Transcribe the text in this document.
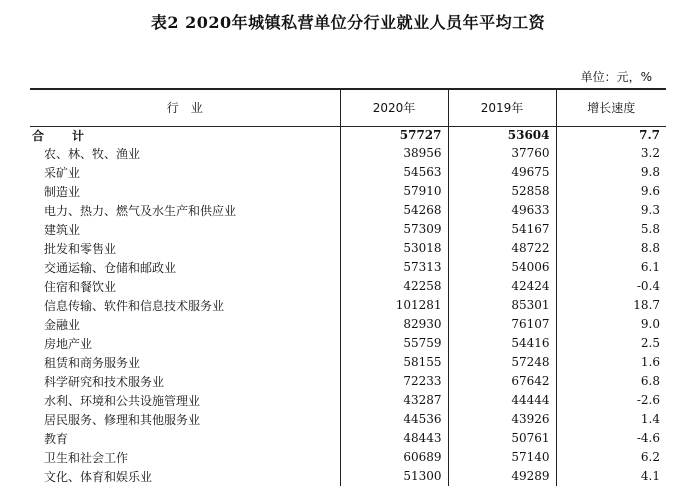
表2 2020年城镇私营单位分行业就业人员年平均工资
单位：元，%
行　业	2020年	2019年	增长速度
合　计	57727	53604	7.7
农、林、牧、渔业	38956	37760	3.2
采矿业	54563	49675	9.8
制造业	57910	52858	9.6
电力、热力、燃气及水生产和供应业	54268	49633	9.3
建筑业	57309	54167	5.8
批发和零售业	53018	48722	8.8
交通运输、仓储和邮政业	57313	54006	6.1
住宿和餐饮业	42258	42424	-0.4
信息传输、软件和信息技术服务业	101281	85301	18.7
金融业	82930	76107	9.0
房地产业	55759	54416	2.5
租赁和商务服务业	58155	57248	1.6
科学研究和技术服务业	72233	67642	6.8
水利、环境和公共设施管理业	43287	44444	-2.6
居民服务、修理和其他服务业	44536	43926	1.4
教育	48443	50761	-4.6
卫生和社会工作	60689	57140	6.2
文化、体育和娱乐业	51300	49289	4.1
